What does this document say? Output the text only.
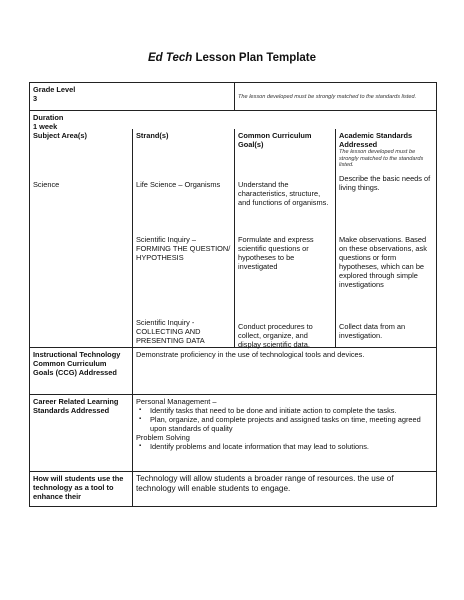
Ed Tech Lesson Plan Template
Grade Level
3	The lesson developed must be strongly matched to the standards listed.
Duration
1 week
Subject Area(s)
Science
Strand(s)
Life Science – Organisms
Scientific Inquiry – FORMING THE QUESTION/ HYPOTHESIS
Scientific Inquiry - COLLECTING AND PRESENTING DATA
Common Curriculum Goal(s)
Understand the characteristics, structure, and functions of organisms.
Formulate and express scientific questions or hypotheses to be investigated
Conduct procedures to collect, organize, and display scientific data.
Academic Standards Addressed
The lesson developed must be strongly matched to the standards listed.
Describe the basic needs of living things.
Make observations. Based on these observations, ask questions or form hypotheses, which can be explored through simple investigations
Collect data from an investigation.
Instructional Technology Common Curriculum Goals (CCG) Addressed
Demonstrate proficiency in the use of technological tools and devices.
Career Related Learning Standards Addressed
Personal Management –
▪ Identify tasks that need to be done and initiate action to complete the tasks.
▪ Plan, organize, and complete projects and assigned tasks on time, meeting agreed upon standards of quality
Problem Solving
▪ Identify problems and locate information that may lead to solutions.
How will students use the technology as a tool to enhance their
Technology will allow students a broader range of resources. the use of technology will enable students to engage.
